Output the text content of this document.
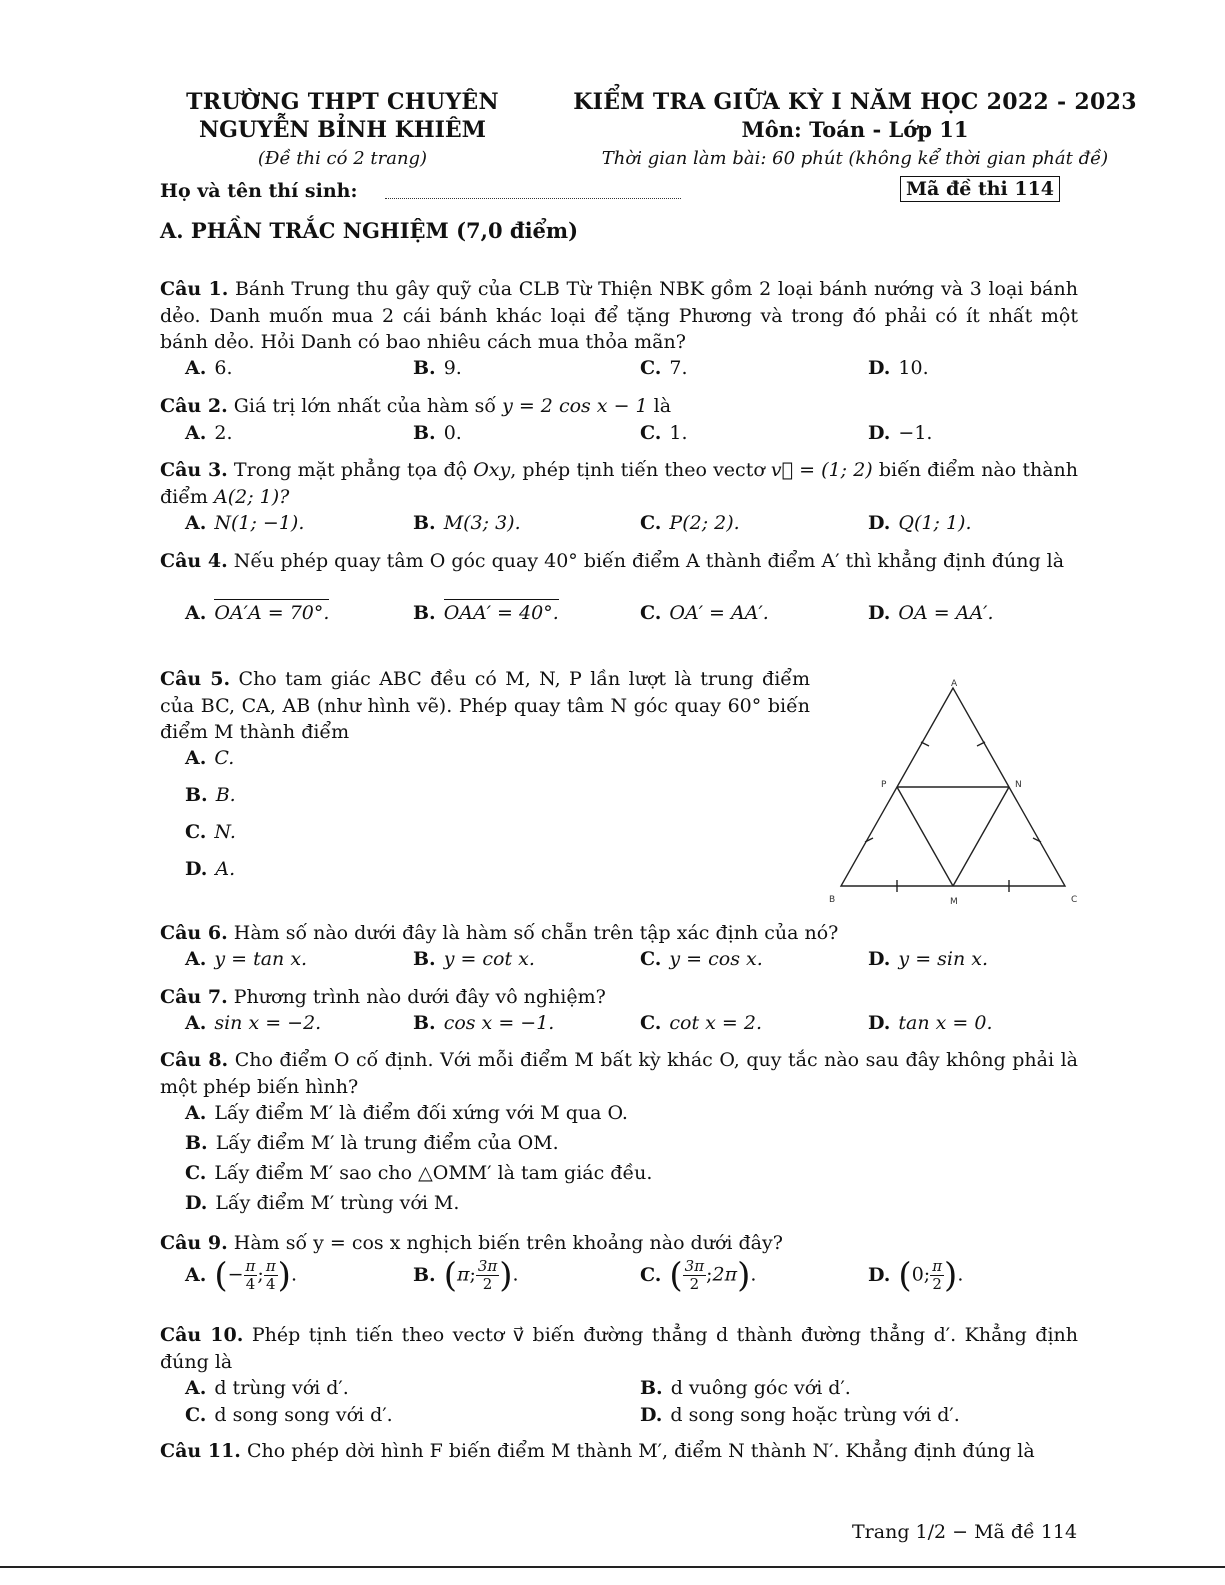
TRƯỜNG THPT CHUYÊN
NGUYỄN BỈNH KHIÊM
(Đề thi có 2 trang)
KIỂM TRA GIỮA KỲ I NĂM HỌC 2022 - 2023
Môn: Toán - Lớp 11
Thời gian làm bài: 60 phút (không kể thời gian phát đề)
Họ và tên thí sinh:	Mã đề thi 114
A. PHẦN TRẮC NGHIỆM (7,0 điểm)
Câu 1. Bánh Trung thu gây quỹ của CLB Từ Thiện NBK gồm 2 loại bánh nướng và 3 loại bánh dẻo. Danh muốn mua 2 cái bánh khác loại để tặng Phương và trong đó phải có ít nhất một bánh dẻo. Hỏi Danh có bao nhiêu cách mua thỏa mãn?
A. 6.	B. 9.	C. 7.	D. 10.
Câu 2. Giá trị lớn nhất của hàm số y = 2 cos x − 1 là
A. 2.	B. 0.	C. 1.	D. −1.
Câu 3. Trong mặt phẳng tọa độ Oxy, phép tịnh tiến theo vectơ v⃗ = (1; 2) biến điểm nào thành điểm A(2; 1)?
A. N(1; −1).	B. M(3; 3).	C. P(2; 2).	D. Q(1; 1).
Câu 4. Nếu phép quay tâm O góc quay 40° biến điểm A thành điểm A′ thì khẳng định đúng là
A. OA′A = 70°.	B. OAA′ = 40°.	C. OA′ = AA′.	D. OA = AA′.
Câu 5. Cho tam giác ABC đều có M, N, P lần lượt là trung điểm của BC, CA, AB (như hình vẽ). Phép quay tâm N góc quay 60° biến điểm M thành điểm
A. C.
B. B.
C. N.
D. A.
A
B	C
M
N
P
Câu 6. Hàm số nào dưới đây là hàm số chẵn trên tập xác định của nó?
A. y = tan x.	B. y = cot x.	C. y = cos x.	D. y = sin x.
Câu 7. Phương trình nào dưới đây vô nghiệm?
A. sin x = −2.	B. cos x = −1.	C. cot x = 2.	D. tan x = 0.
Câu 8. Cho điểm O cố định. Với mỗi điểm M bất kỳ khác O, quy tắc nào sau đây không phải là một phép biến hình?
A. Lấy điểm M′ là điểm đối xứng với M qua O.
B. Lấy điểm M′ là trung điểm của OM.
C. Lấy điểm M′ sao cho △OMM′ là tam giác đều.
D. Lấy điểm M′ trùng với M.
Câu 9. Hàm số y = cos x nghịch biến trên khoảng nào dưới đây?
A. (− $\frac{\pi}{4}$ ; $\frac{\pi}{4}$ ).	B. (π; $\frac{3\pi}{2}$ ).	C. ( $\frac{3\pi}{2}$ ;2π).	D. (0; $\frac{\pi}{2}$ ).
Câu 10. Phép tịnh tiến theo vectơ v⃗ biến đường thẳng d thành đường thẳng d′. Khẳng định đúng là
A. d trùng với d′.	B. d vuông góc với d′.
C. d song song với d′.	D. d song song hoặc trùng với d′.
Câu 11. Cho phép dời hình F biến điểm M thành M′, điểm N thành N′. Khẳng định đúng là
Trang 1/2 − Mã đề 114
